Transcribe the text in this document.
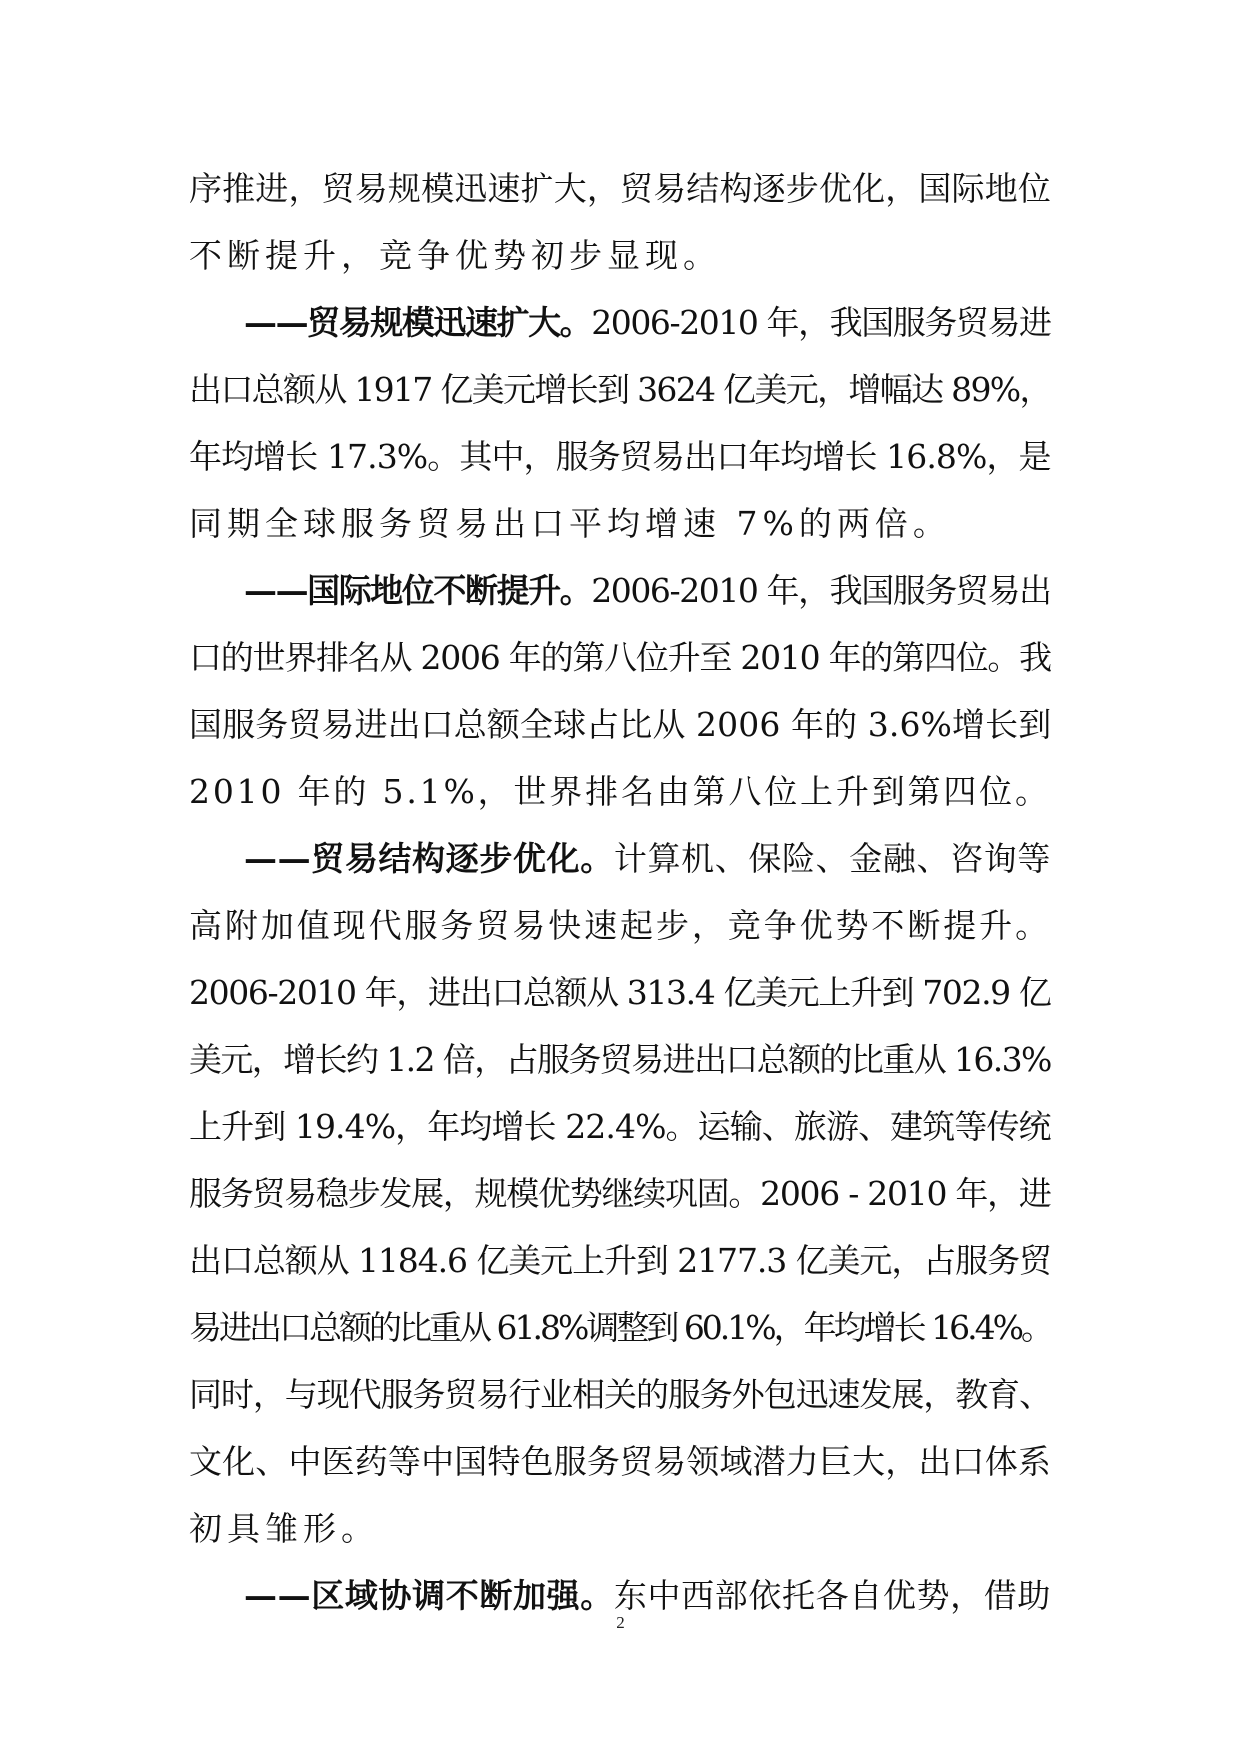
序推进，贸易规模迅速扩大，贸易结构逐步优化，国际地位
不断提升，竞争优势初步显现。
——贸易规模迅速扩大。2006-2010 年，我国服务贸易进
出口总额从 1917 亿美元增长到 3624 亿美元，增幅达 89%，
年均增长 17.3%。其中，服务贸易出口年均增长 16.8%，是
同期全球服务贸易出口平均增速 7%的两倍。
——国际地位不断提升。2006-2010 年，我国服务贸易出
口的世界排名从 2006 年的第八位升至 2010 年的第四位。我
国服务贸易进出口总额全球占比从 2006 年的 3.6%增长到
2010 年的 5.1%，世界排名由第八位上升到第四位。
——贸易结构逐步优化。计算机、保险、金融、咨询等
高附加值现代服务贸易快速起步，竞争优势不断提升。
2006-2010 年，进出口总额从 313.4 亿美元上升到 702.9 亿
美元，增长约 1.2 倍，占服务贸易进出口总额的比重从 16.3%
上升到 19.4%，年均增长 22.4%。运输、旅游、建筑等传统
服务贸易稳步发展，规模优势继续巩固。2006 - 2010 年，进
出口总额从 1184.6 亿美元上升到 2177.3 亿美元，占服务贸
易进出口总额的比重从 61.8%调整到 60.1%，年均增长 16.4%。
同时，与现代服务贸易行业相关的服务外包迅速发展，教育、
文化、中医药等中国特色服务贸易领域潜力巨大，出口体系
初具雏形。
——区域协调不断加强。东中西部依托各自优势，借助
2
